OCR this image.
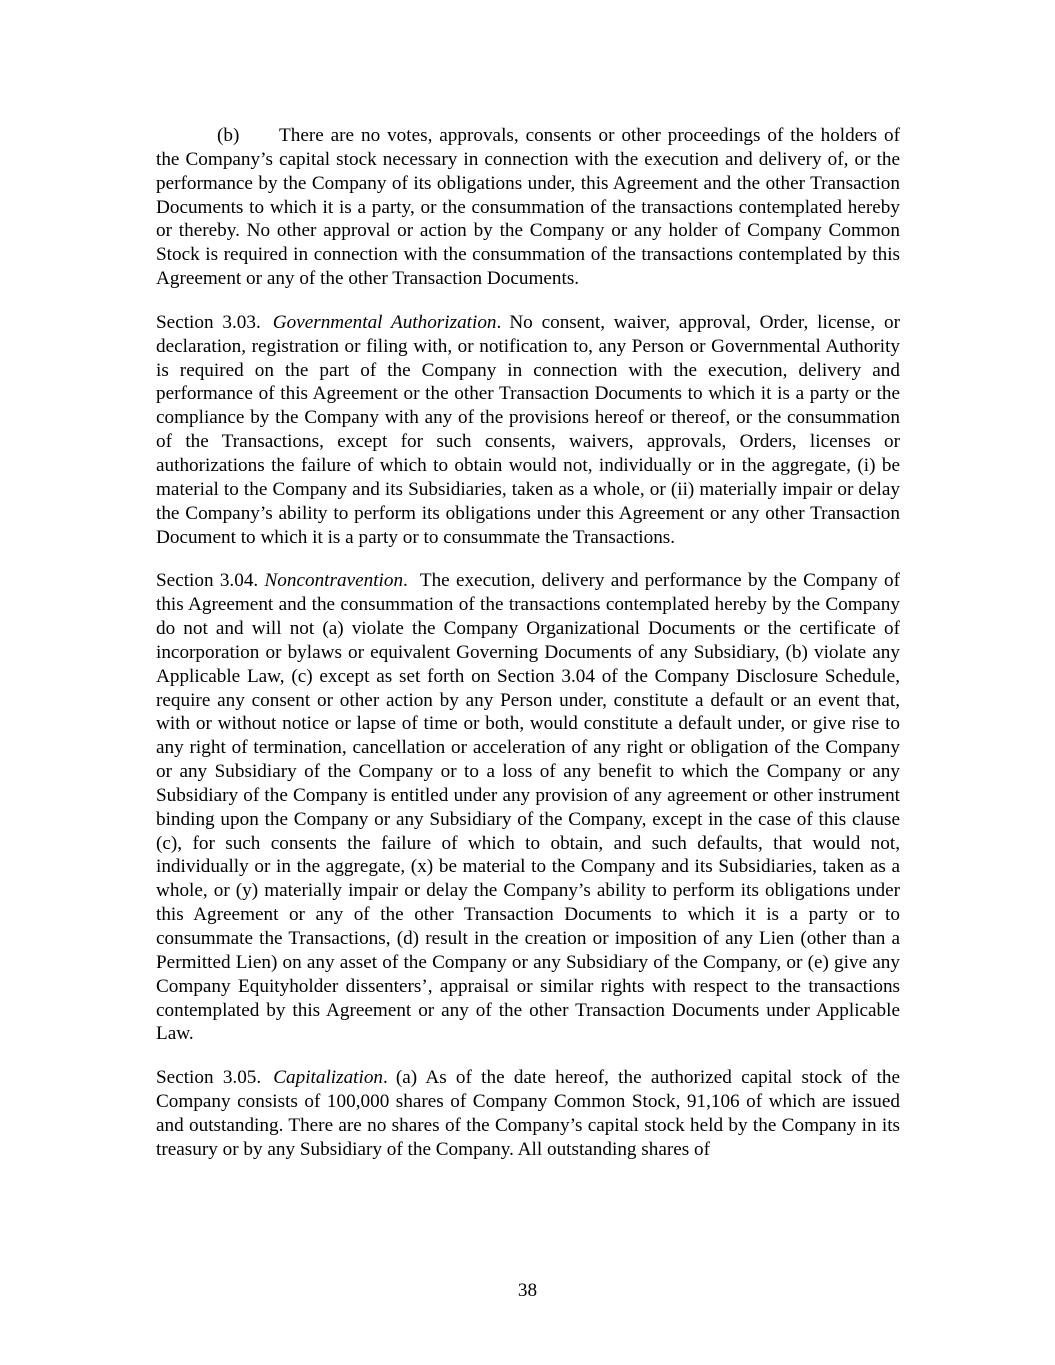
(b) There are no votes, approvals, consents or other proceedings of the holders of the Company’s capital stock necessary in connection with the execution and delivery of, or the performance by the Company of its obligations under, this Agreement and the other Transaction Documents to which it is a party, or the consummation of the transactions contemplated hereby or thereby. No other approval or action by the Company or any holder of Company Common Stock is required in connection with the consummation of the transactions contemplated by this Agreement or any of the other Transaction Documents.

Section 3.03. Governmental Authorization. No consent, waiver, approval, Order, license, or declaration, registration or filing with, or notification to, any Person or Governmental Authority is required on the part of the Company in connection with the execution, delivery and performance of this Agreement or the other Transaction Documents to which it is a party or the compliance by the Company with any of the provisions hereof or thereof, or the consummation of the Transactions, except for such consents, waivers, approvals, Orders, licenses or authorizations the failure of which to obtain would not, individually or in the aggregate, (i) be material to the Company and its Subsidiaries, taken as a whole, or (ii) materially impair or delay the Company’s ability to perform its obligations under this Agreement or any other Transaction Document to which it is a party or to consummate the Transactions.

Section 3.04. Noncontravention. The execution, delivery and performance by the Company of this Agreement and the consummation of the transactions contemplated hereby by the Company do not and will not (a) violate the Company Organizational Documents or the certificate of incorporation or bylaws or equivalent Governing Documents of any Subsidiary, (b) violate any Applicable Law, (c) except as set forth on Section 3.04 of the Company Disclosure Schedule, require any consent or other action by any Person under, constitute a default or an event that, with or without notice or lapse of time or both, would constitute a default under, or give rise to any right of termination, cancellation or acceleration of any right or obligation of the Company or any Subsidiary of the Company or to a loss of any benefit to which the Company or any Subsidiary of the Company is entitled under any provision of any agreement or other instrument binding upon the Company or any Subsidiary of the Company, except in the case of this clause (c), for such consents the failure of which to obtain, and such defaults, that would not, individually or in the aggregate, (x) be material to the Company and its Subsidiaries, taken as a whole, or (y) materially impair or delay the Company’s ability to perform its obligations under this Agreement or any of the other Transaction Documents to which it is a party or to consummate the Transactions, (d) result in the creation or imposition of any Lien (other than a Permitted Lien) on any asset of the Company or any Subsidiary of the Company, or (e) give any Company Equityholder dissenters’, appraisal or similar rights with respect to the transactions contemplated by this Agreement or any of the other Transaction Documents under Applicable Law.

Section 3.05. Capitalization. (a) As of the date hereof, the authorized capital stock of the Company consists of 100,000 shares of Company Common Stock, 91,106 of which are issued and outstanding. There are no shares of the Company’s capital stock held by the Company in its treasury or by any Subsidiary of the Company. All outstanding shares of

38
